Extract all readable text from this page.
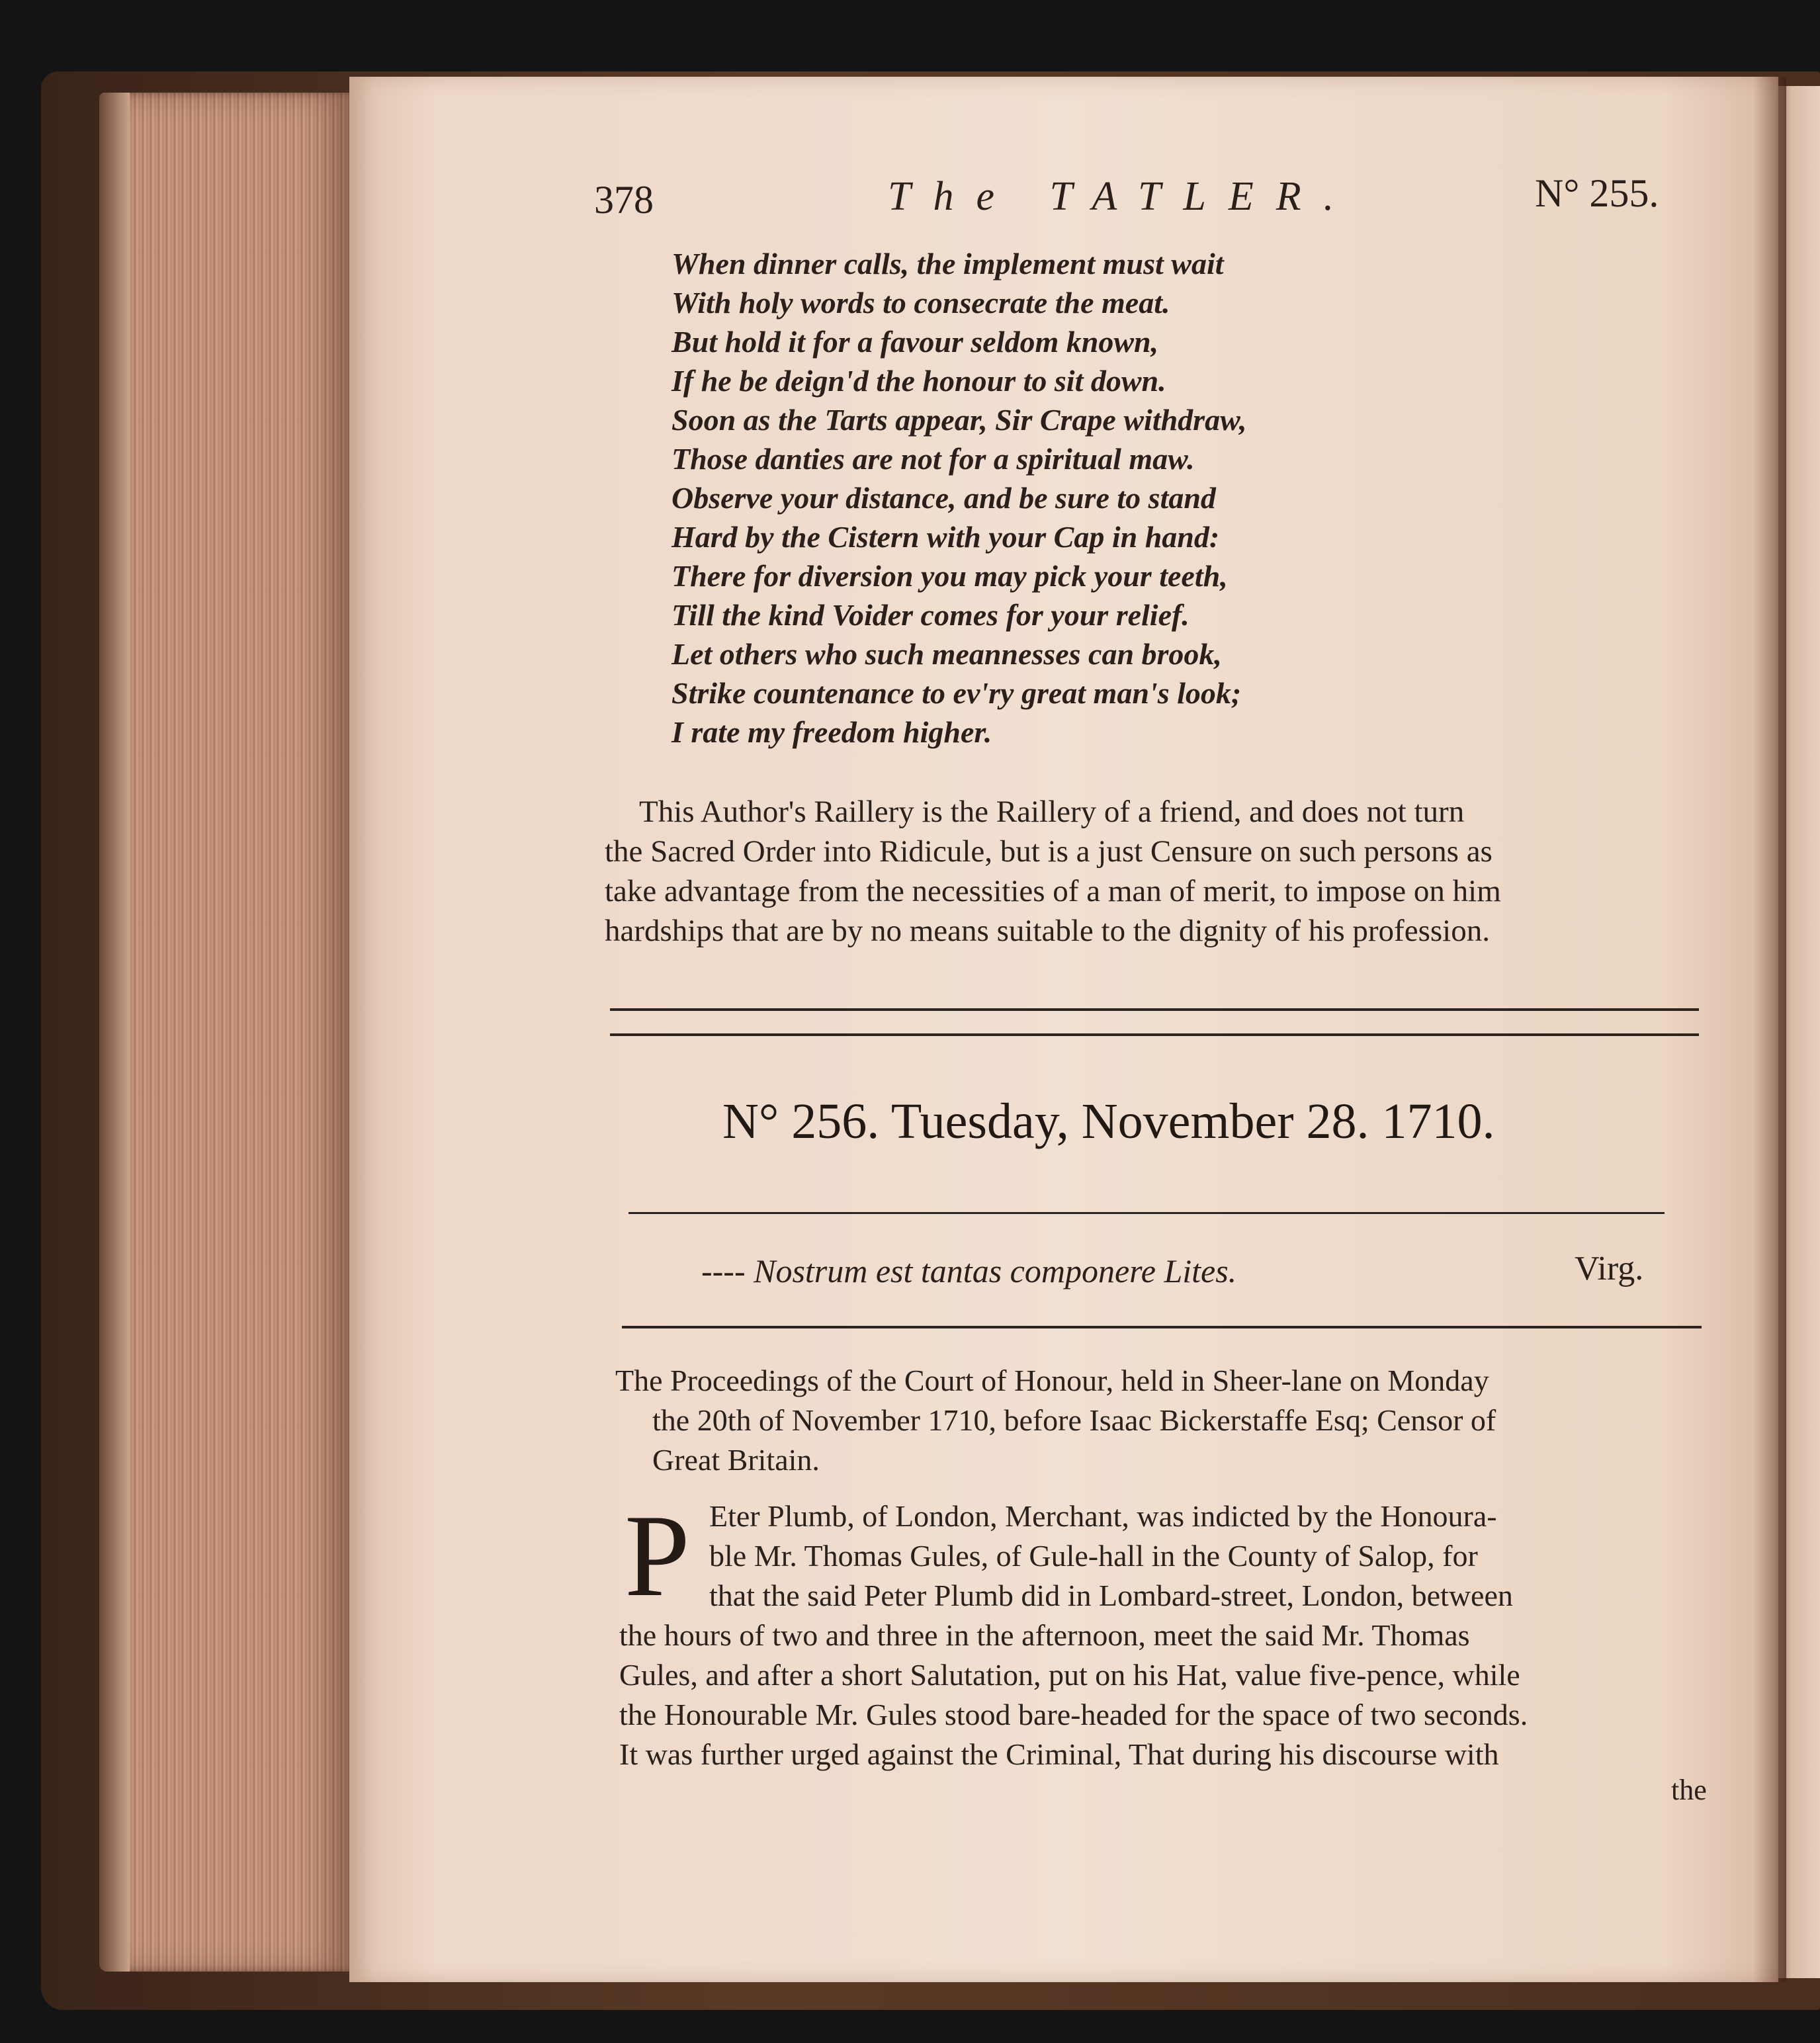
378	The TATLER.	N° 255.
When dinner calls, the implement must wait
With holy words to consecrate the meat.
But hold it for a favour seldom known,
If he be deign'd the honour to sit down.
Soon as the Tarts appear, Sir Crape withdraw,
Those danties are not for a spiritual maw.
Observe your distance, and be sure to stand
Hard by the Cistern with your Cap in hand:
There for diversion you may pick your teeth,
Till the kind Voider comes for your relief.
Let others who such meannesses can brook,
Strike countenance to ev'ry great man's look;
I rate my freedom higher.
This Author's Raillery is the Raillery of a friend, and does not turn
the Sacred Order into Ridicule, but is a just Censure on such persons as
take advantage from the necessities of a man of merit, to impose on him
hardships that are by no means suitable to the dignity of his profession.
N° 256. Tuesday, November 28. 1710.
---- Nostrum est tantas componere Lites.	Virg.
The Proceedings of the Court of Honour, held in Sheer-lane on Monday
the 20th of November 1710, before Isaac Bickerstaffe Esq; Censor of
Great Britain.
P Eter Plumb, of London, Merchant, was indicted by the Honoura-
ble Mr. Thomas Gules, of Gule-hall in the County of Salop, for
that the said Peter Plumb did in Lombard-street, London, between
the hours of two and three in the afternoon, meet the said Mr. Thomas
Gules, and after a short Salutation, put on his Hat, value five-pence, while
the Honourable Mr. Gules stood bare-headed for the space of two seconds.
It was further urged against the Criminal, That during his discourse with
the
